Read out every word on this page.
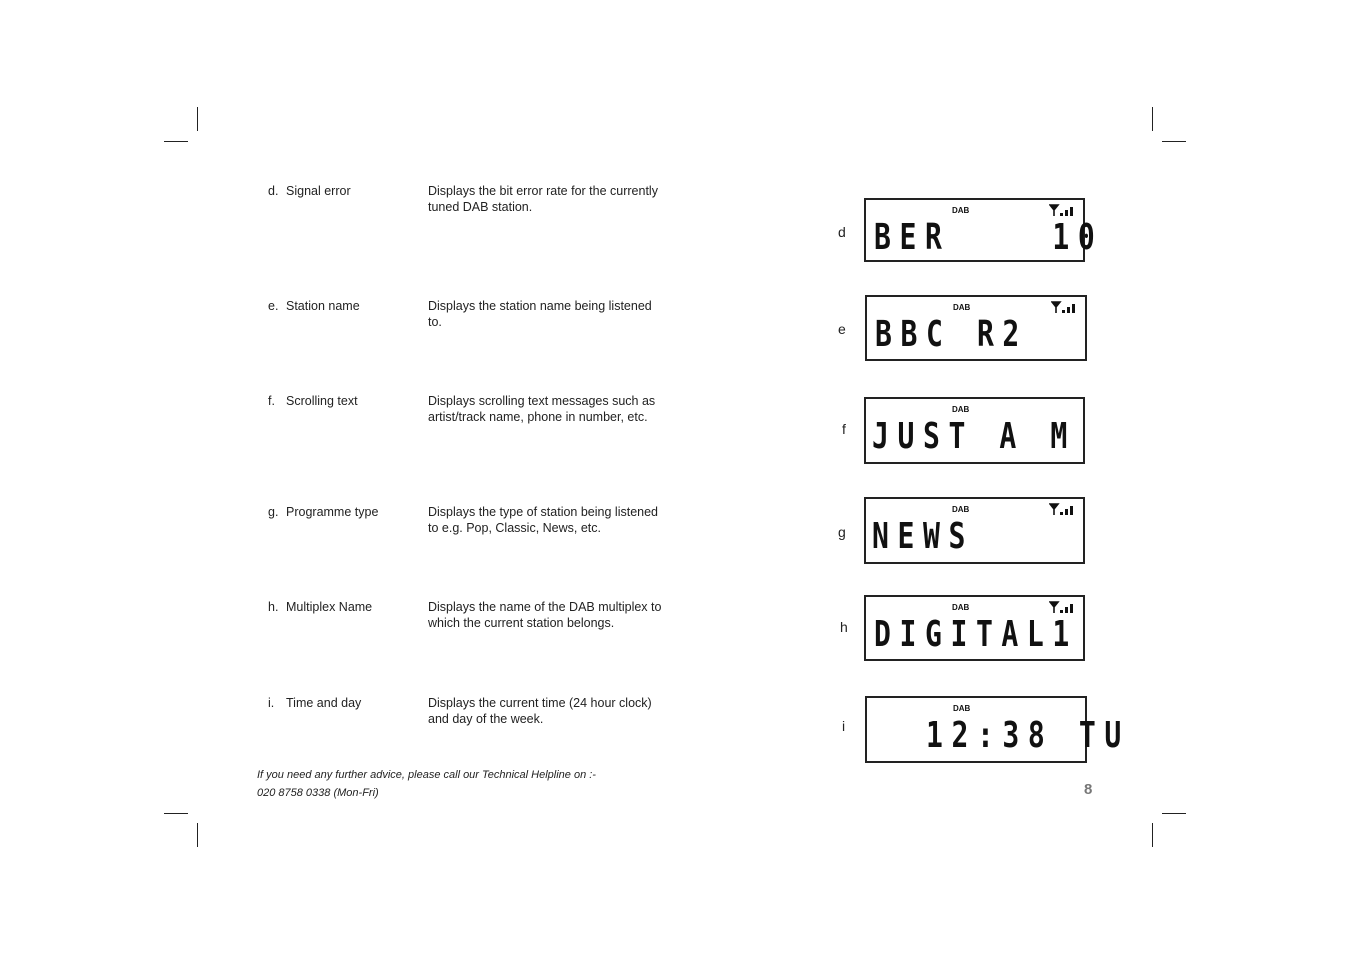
d. Signal error	Displays the bit error rate for the currently tuned DAB station.
d
DAB
BER    10
e. Station name	Displays the station name being listened to.	e
DAB
BBC R2
f. Scrolling text	Displays scrolling text messages such as artist/track name, phone in number, etc.
f
DAB
JUST A M
g. Programme type	Displays the type of station being listened to e.g. Pop, Classic, News, etc.	g
DAB
NEWS
h. Multiplex Name	Displays the name of the DAB multiplex to which the current station belongs.	h
DAB
DIGITAL1
i. Time and day	Displays the current time (24 hour clock) and day of the week.	i
DAB
12:38 TU
If you need any further advice, please call our Technical Helpline on :-
020 8758 0338 (Mon-Fri)	8
